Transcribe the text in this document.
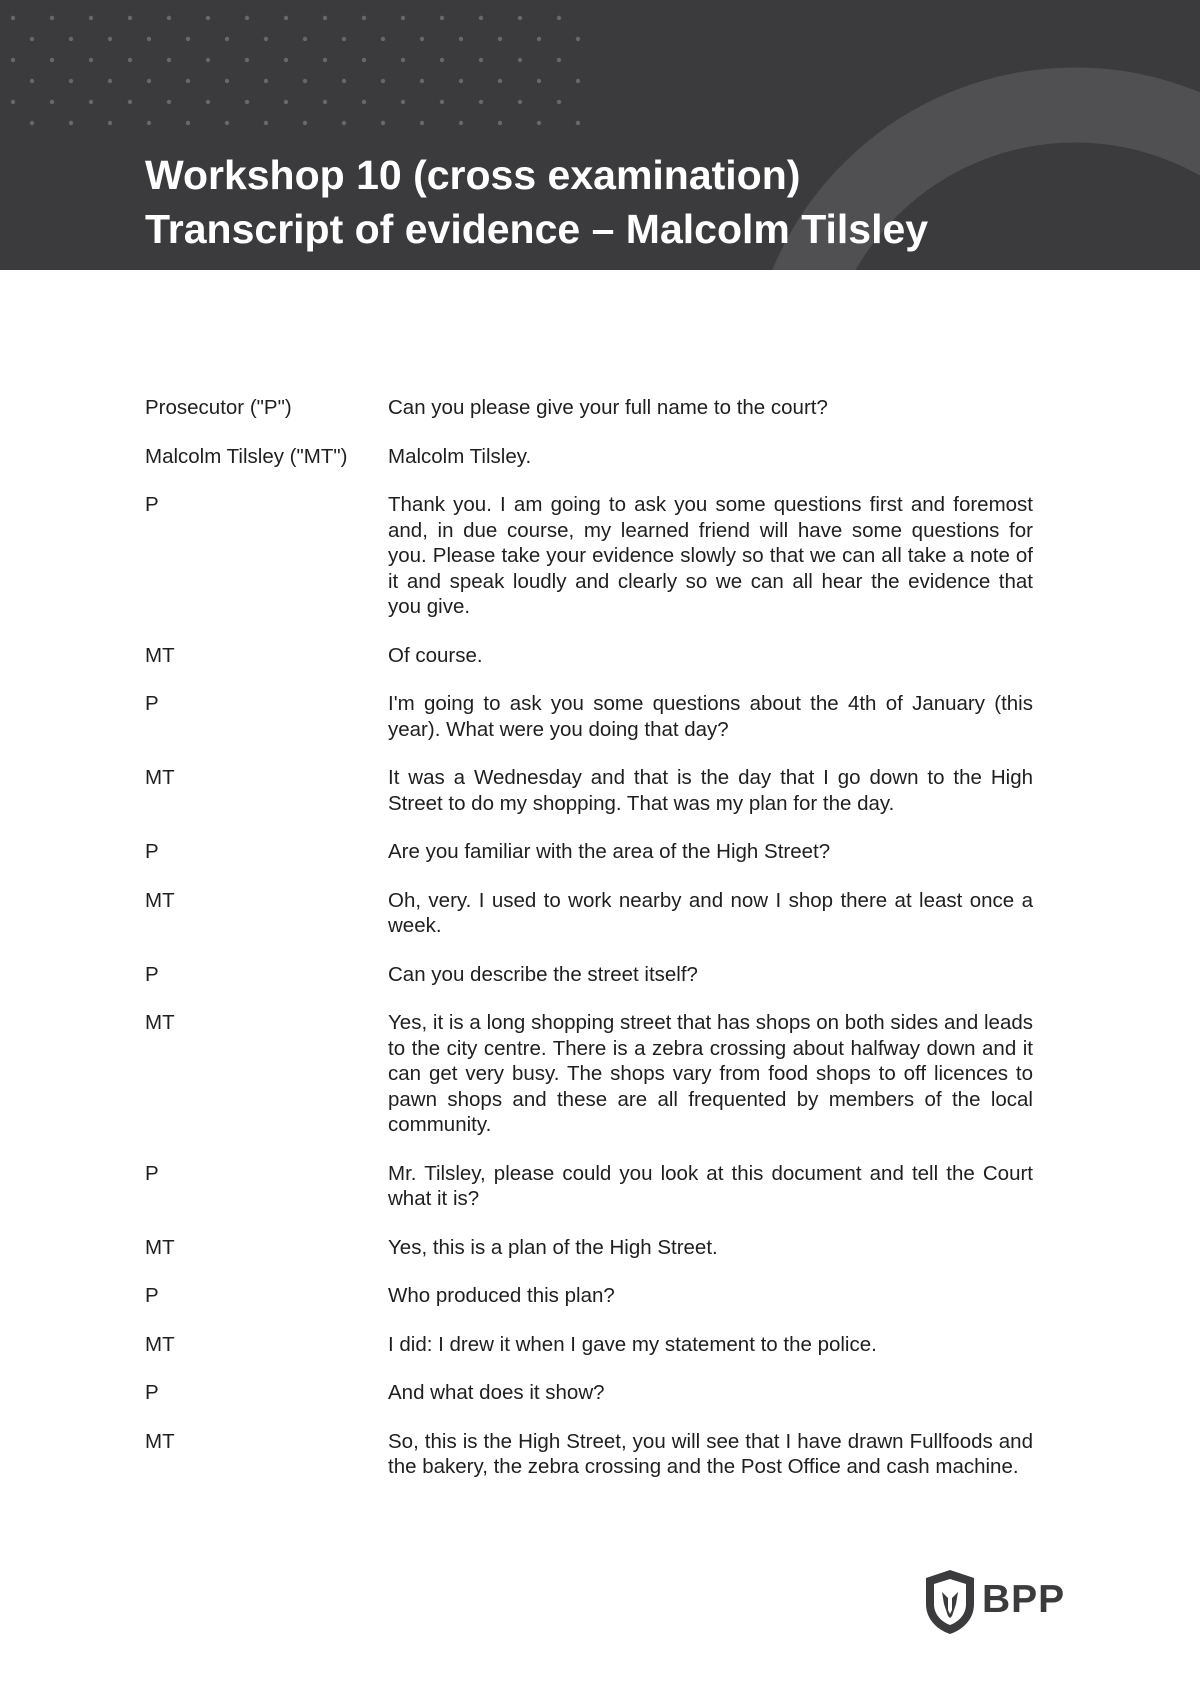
Workshop 10 (cross examination)
Transcript of evidence – Malcolm Tilsley
Prosecutor ("P")	Can you please give your full name to the court?
Malcolm Tilsley ("MT")	Malcolm Tilsley.
P	Thank you. I am going to ask you some questions first and foremost and, in due course, my learned friend will have some questions for you. Please take your evidence slowly so that we can all take a note of it and speak loudly and clearly so we can all hear the evidence that you give.
MT	Of course.
P	I'm going to ask you some questions about the 4th of January (this year). What were you doing that day?
MT	It was a Wednesday and that is the day that I go down to the High Street to do my shopping. That was my plan for the day.
P	Are you familiar with the area of the High Street?
MT	Oh, very. I used to work nearby and now I shop there at least once a week.
P	Can you describe the street itself?
MT	Yes, it is a long shopping street that has shops on both sides and leads to the city centre. There is a zebra crossing about halfway down and it can get very busy. The shops vary from food shops to off licences to pawn shops and these are all frequented by members of the local community.
P	Mr. Tilsley, please could you look at this document and tell the Court what it is?
MT	Yes, this is a plan of the High Street.
P	Who produced this plan?
MT	I did: I drew it when I gave my statement to the police.
P	And what does it show?
MT	So, this is the High Street, you will see that I have drawn Fullfoods and the bakery, the zebra crossing and the Post Office and cash machine.
BPP
